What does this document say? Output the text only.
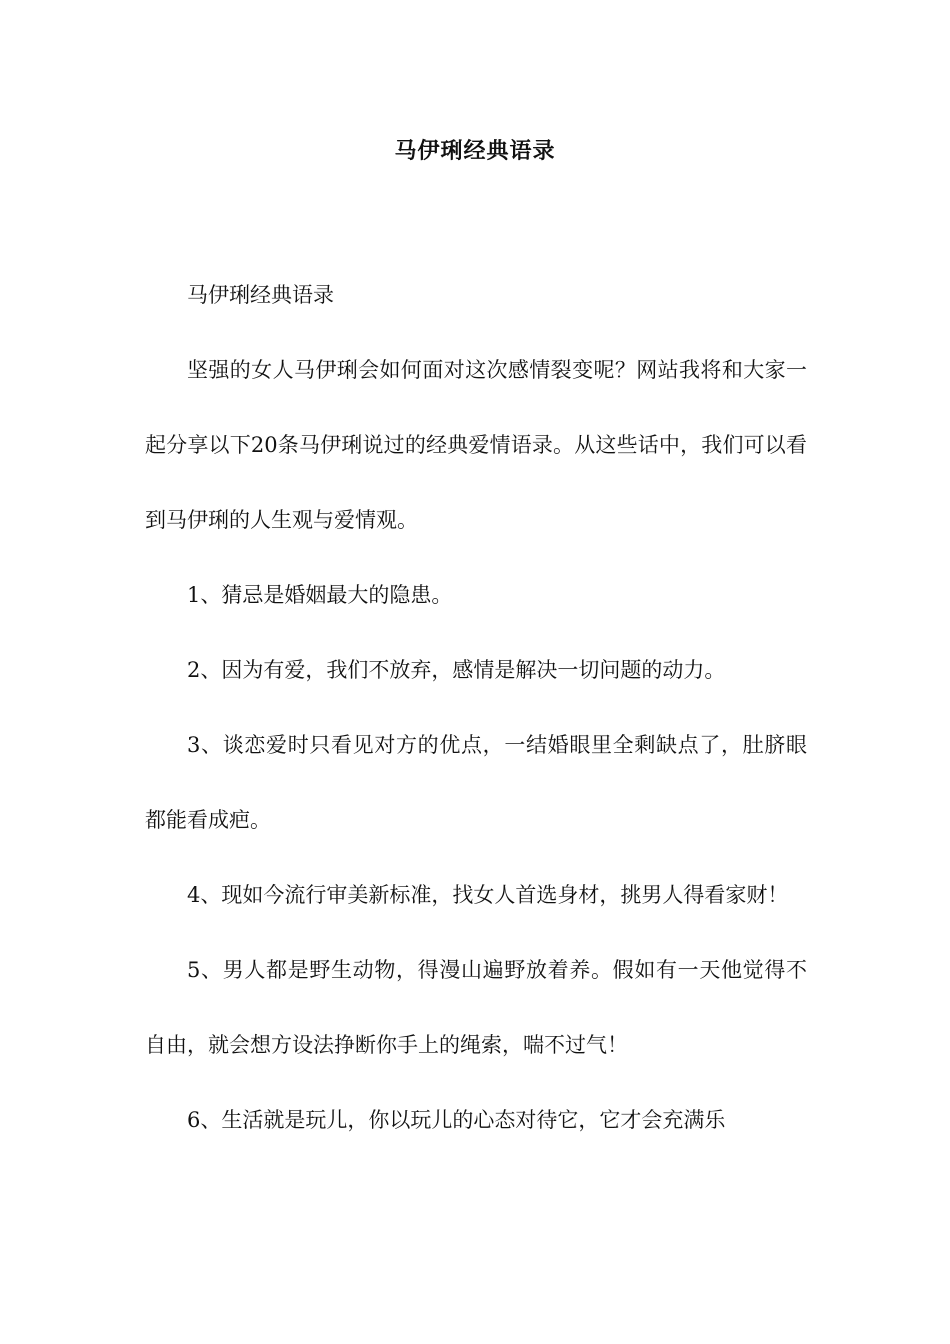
马伊琍经典语录

马伊琍经典语录

坚强的女人马伊琍会如何面对这次感情裂变呢？网站我将和大家一起分享以下20条马伊琍说过的经典爱情语录。从这些话中，我们可以看到马伊琍的人生观与爱情观。

1、猜忌是婚姻最大的隐患。

2、因为有爱，我们不放弃，感情是解决一切问题的动力。

3、谈恋爱时只看见对方的优点，一结婚眼里全剩缺点了，肚脐眼都能看成疤。

4、现如今流行审美新标准，找女人首选身材，挑男人得看家财！

5、男人都是野生动物，得漫山遍野放着养。假如有一天他觉得不自由，就会想方设法挣断你手上的绳索，喘不过气！

6、生活就是玩儿，你以玩儿的心态对待它，它才会充满乐
